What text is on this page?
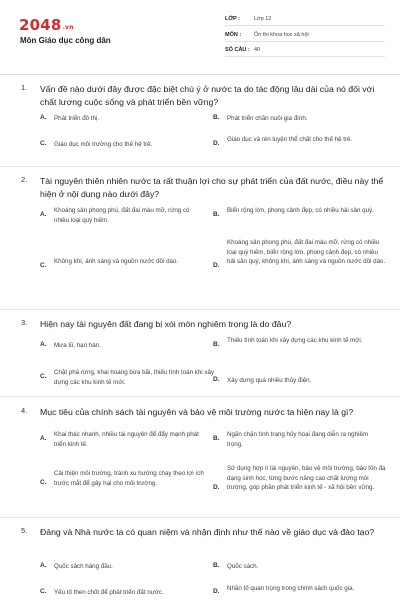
2048.vn
Môn Giáo dục công dân
LỚP :	Lớp 12
MÔN :	Ôn thi khoa học xã hội
SỐ CÂU : 40
1. Vấn đề nào dưới đây được đặc biệt chú ý ở nước ta do tác động lâu dài của nó đối với chất lượng cuộc sống và phát triển bền vững?
A. Phát triển đô thị.	B. Phát triển chăn nuôi gia đình.
C. Giáo dục môi trường cho thế hệ trẻ.	D.
Giáo dục và rèn luyện thể chất cho thế hệ trẻ.
2. Tài nguyên thiên nhiên nước ta rất thuận lợi cho sự phát triển của đất nước, điều này thể hiện ở nội dung nào dưới đây?
A.
Khoáng sản phong phú, đất đai màu mỡ, rừng có nhiều loại quý hiếm.
B.
Biển rộng lớn, phong cảnh đẹp, có nhiều hải sản quý.
C.
Không khí, ánh sáng và nguồn nước dồi dào.
D.
Khoáng sản phong phú, đất đai màu mỡ, rừng có nhiều loại quý hiếm, biển rộng lớn, phong cảnh đẹp, có nhiều hải sản quý, không khí, ánh sáng và nguồn nước dồi dào.
3. Hiện nay tài nguyên đất đang bị xói mòn nghiêm trọng là do đâu?
A. Mưa lũ, hạn hán.	B.
Thiếu tính toán khi xây dựng các khu kinh tế mới.
C.
Chặt phá rừng, khai hoang bừa bãi, thiếu tính toán khi xây dựng các khu kinh tế mới.	D. Xây dựng quá nhiều thủy điện.
4. Mục tiêu của chính sách tài nguyên và bảo vệ môi trường nước ta hiện nay là gì?
A.
Khai thác nhanh, nhiều tài nguyên để đẩy mạnh phát triển kinh tế.
B.
Ngăn chặn tình trạng hủy hoại đang diễn ra nghiêm trọng.
C.
Cải thiện môi trường, tránh xu hướng chạy theo lợi ích trước mắt để gây hại cho môi trường.
D.
Sử dụng hợp lí tài nguyên, bảo vệ môi trường, bảo tồn đa dạng sinh học, từng bước nâng cao chất lượng môi trường, góp phần phát triển kinh tế - xã hội bền vững.
5. Đảng và Nhà nước ta có quan niệm và nhận định như thế nào về giáo dục và đào tạo?
A. Quốc sách hàng đầu.	B. Quốc sách.
C. Yếu tố then chốt để phát triển đất nước.	D. Nhân tố quan trọng trong chính sách quốc gia.
